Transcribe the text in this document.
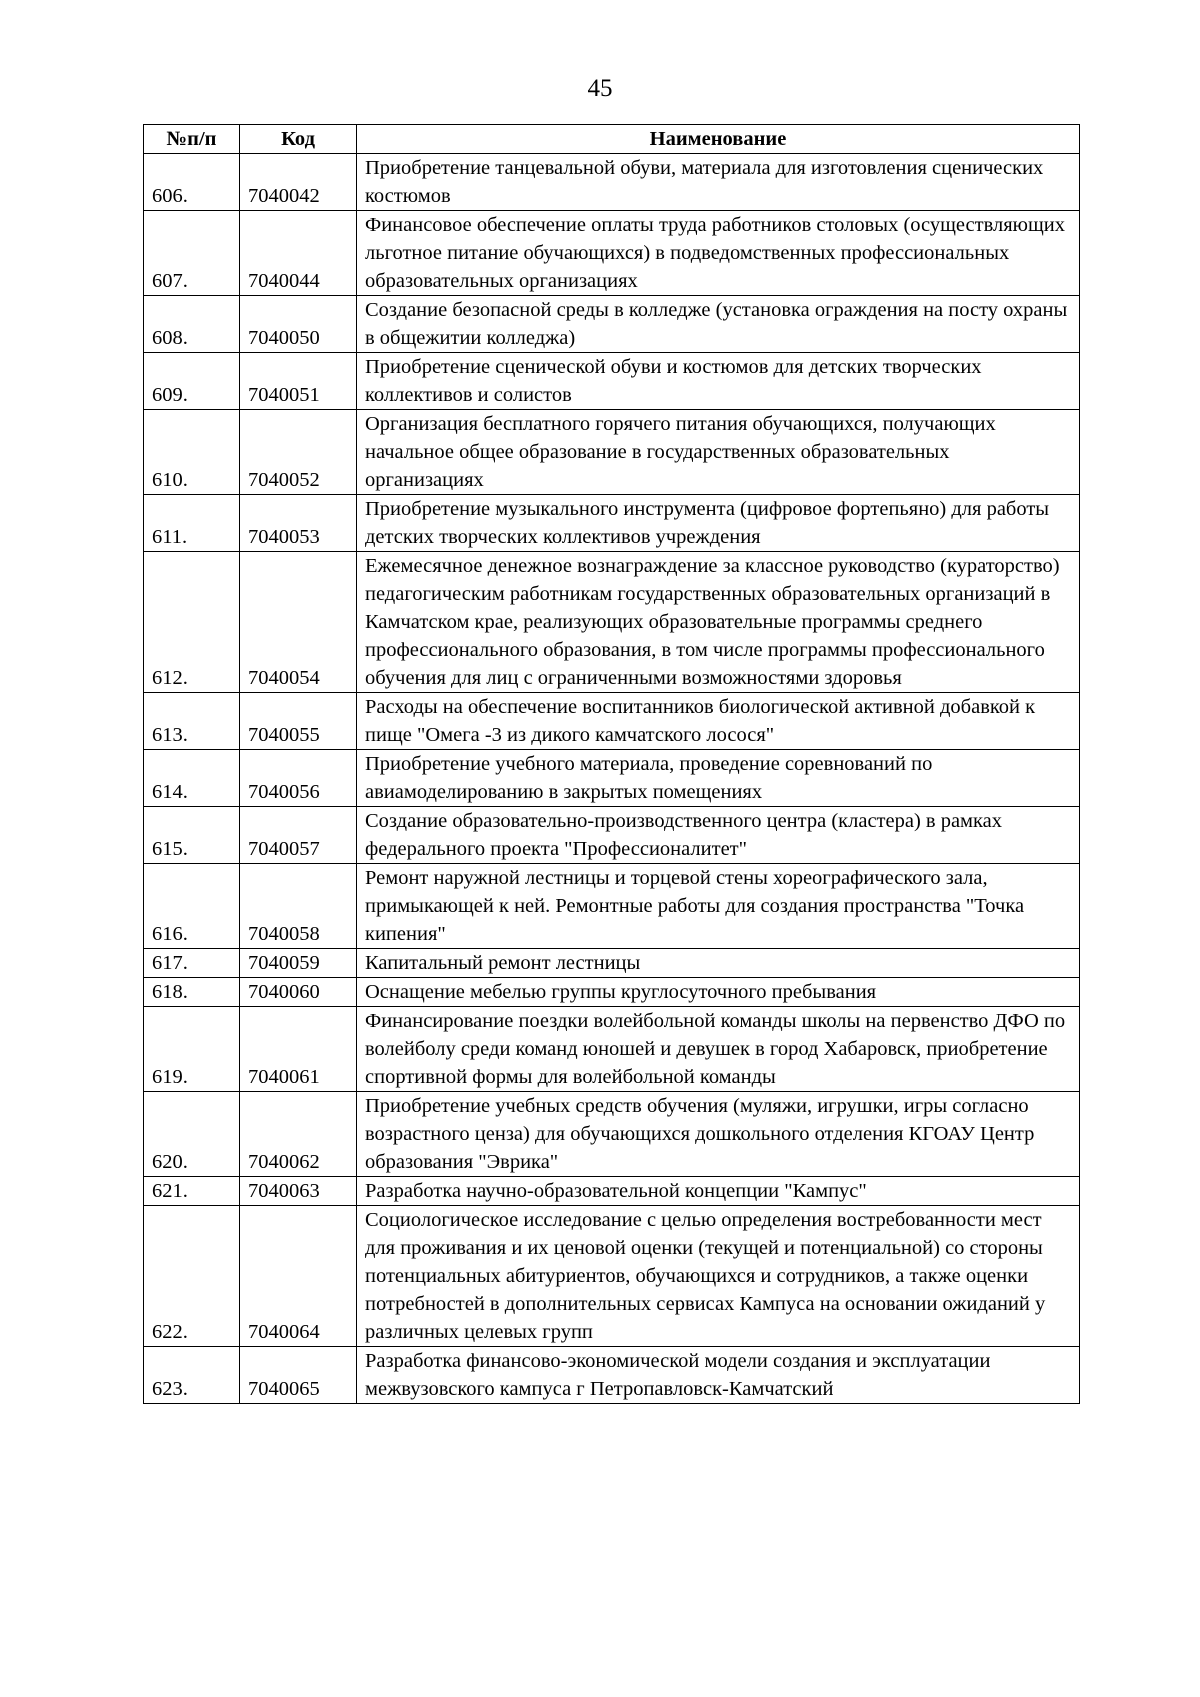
45
№п/п	Код	Наименование
606.	7040042	Приобретение танцевальной обуви, материала для изготовления сценических костюмов
607.	7040044	Финансовое обеспечение оплаты труда работников столовых (осуществляющих льготное питание обучающихся) в подведомственных профессиональных образовательных организациях
608.	7040050	Создание безопасной среды в колледже (установка ограждения на посту охраны в общежитии колледжа)
609.	7040051	Приобретение сценической обуви и костюмов для детских творческих коллективов и солистов
610.	7040052	Организация бесплатного горячего питания обучающихся, получающих начальное общее образование в государственных образовательных организациях
611.	7040053	Приобретение музыкального инструмента (цифровое фортепьяно) для работы детских творческих коллективов учреждения
612.	7040054	Ежемесячное денежное вознаграждение за классное руководство (кураторство) педагогическим работникам государственных образовательных организаций в Камчатском крае, реализующих образовательные программы среднего профессионального образования, в том числе программы профессионального обучения для лиц с ограниченными возможностями здоровья
613.	7040055	Расходы на обеспечение воспитанников биологической активной добавкой к пище "Омега -3 из дикого камчатского лосося"
614.	7040056	Приобретение учебного материала, проведение соревнований по авиамоделированию в закрытых помещениях
615.	7040057	Создание образовательно-производственного центра (кластера) в рамках федерального проекта "Профессионалитет"
616.	7040058	Ремонт наружной лестницы и торцевой стены хореографического зала, примыкающей к ней. Ремонтные работы для создания пространства "Точка кипения"
617.	7040059	Капитальный ремонт лестницы
618.	7040060	Оснащение мебелью группы круглосуточного пребывания
619.	7040061	Финансирование поездки волейбольной команды школы на первенство ДФО по волейболу среди команд юношей и девушек в город Хабаровск, приобретение спортивной формы для волейбольной команды
620.	7040062	Приобретение учебных средств обучения (муляжи, игрушки, игры согласно возрастного ценза) для обучающихся дошкольного отделения КГОАУ Центр образования "Эврика"
621.	7040063	Разработка научно-образовательной концепции "Кампус"
622.	7040064	Социологическое исследование с целью определения востребованности мест для проживания и их ценовой оценки (текущей и потенциальной) со стороны потенциальных абитуриентов, обучающихся и сотрудников, а также оценки потребностей в дополнительных сервисах Кампуса на основании ожиданий у различных целевых групп
623.	7040065	Разработка финансово-экономической модели создания и эксплуатации межвузовского кампуса г Петропавловск-Камчатский
